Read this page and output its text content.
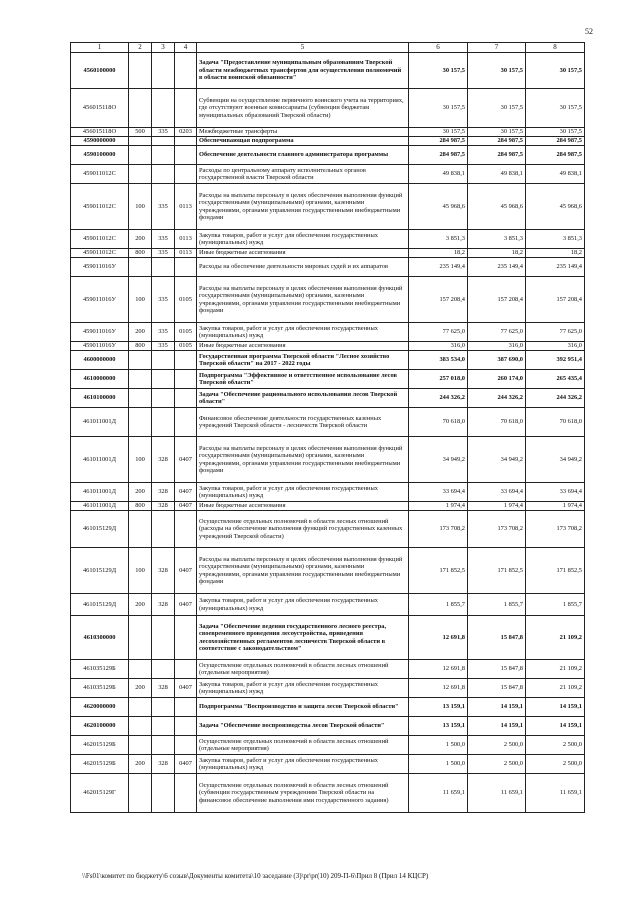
52
1	2	3	4	5	6	7	8
4560100000				Задача "Предоставление муниципальным образованиям Тверской области межбюджетных трансфертов для осуществления полномочий в области воинской обязанности"	30 157,5	30 157,5	30 157,5
456015118О				Субвенции на осуществление первичного воинского учета на территориях, где отсутствуют военные комиссариаты (субвенции бюджетам муниципальных образований Тверской области)	30 157,5	30 157,5	30 157,5
456015118О	500	335	0203	Межбюджетные трансферты	30 157,5	30 157,5	30 157,5
4590000000				Обеспечивающая подпрограмма	284 987,5	284 987,5	284 987,5
4590100000				Обеспечение деятельности главного администратора программы	284 987,5	284 987,5	284 987,5
459011012С				Расходы по центральному аппарату исполнительных органов государственной власти Тверской области	49 838,1	49 838,1	49 838,1
459011012С	100	335	0113	Расходы на выплаты персоналу в целях обеспечения выполнения функций государственными (муниципальными) органами, казенными учреждениями, органами управления государственными внебюджетными фондами	45 968,6	45 968,6	45 968,6
459011012С	200	335	0113	Закупка товаров, работ и услуг для обеспечения государственных (муниципальных) нужд	3 851,3	3 851,3	3 851,3
459011012С	800	335	0113	Иные бюджетные ассигнования	18,2	18,2	18,2
459011016У				Расходы на обеспечение деятельности мировых судей и их аппаратов	235 149,4	235 149,4	235 149,4
459011016У	100	335	0105	Расходы на выплаты персоналу в целях обеспечения выполнения функций государственными (муниципальными) органами, казенными учреждениями, органами управления государственными внебюджетными фондами	157 208,4	157 208,4	157 208,4
459011016У	200	335	0105	Закупка товаров, работ и услуг для обеспечения государственных (муниципальных) нужд	77 625,0	77 625,0	77 625,0
459011016У	800	335	0105	Иные бюджетные ассигнования	316,0	316,0	316,0
4600000000				Государственная программа Тверской области "Лесное хозяйство Тверской области" на 2017 - 2022 годы	383 534,0	387 690,0	392 951,4
4610000000				Подпрограмма "Эффективное и ответственное использование лесов Тверской области"	257 018,0	260 174,0	265 435,4
4610100000				Задача "Обеспечение рационального использования лесов Тверской области"	244 326,2	244 326,2	244 326,2
461011001Д				Финансовое обеспечение деятельности государственных казенных учреждений Тверской области - лесничеств Тверской области	70 618,0	70 618,0	70 618,0
461011001Д	100	328	0407	Расходы на выплаты персоналу в целях обеспечения выполнения функций государственными (муниципальными) органами, казенными учреждениями, органами управления государственными внебюджетными фондами	34 949,2	34 949,2	34 949,2
461011001Д	200	328	0407	Закупка товаров, работ и услуг для обеспечения государственных (муниципальных) нужд	33 694,4	33 694,4	33 694,4
461011001Д	800	328	0407	Иные бюджетные ассигнования	1 974,4	1 974,4	1 974,4
461015129Д				Осуществление отдельных полномочий в области лесных отношений (расходы на обеспечение выполнения функций государственных казенных учреждений Тверской области)	173 708,2	173 708,2	173 708,2
461015129Д	100	328	0407	Расходы на выплаты персоналу в целях обеспечения выполнения функций государственными (муниципальными) органами, казенными учреждениями, органами управления государственными внебюджетными фондами	171 852,5	171 852,5	171 852,5
461015129Д	200	328	0407	Закупка товаров, работ и услуг для обеспечения государственных (муниципальных) нужд	1 855,7	1 855,7	1 855,7
4610300000				Задача "Обеспечение ведения государственного лесного реестра, своевременного проведения лесоустройства, приведения лесохозяйственных регламентов лесничеств Тверской области в соответствие с законодательством"	12 691,8	15 847,8	21 109,2
461035129Б				Осуществление отдельных полномочий в области лесных отношений (отдельные мероприятия)	12 691,8	15 847,8	21 109,2
461035129Б	200	328	0407	Закупка товаров, работ и услуг для обеспечения государственных (муниципальных) нужд	12 691,8	15 847,8	21 109,2
4620000000				Подпрограмма "Воспроизводство и защита лесов Тверской области"	13 159,1	14 159,1	14 159,1
4620100000				Задача "Обеспечение воспроизводства лесов Тверской области"	13 159,1	14 159,1	14 159,1
462015129Б				Осуществление отдельных полномочий в области лесных отношений (отдельные мероприятия)	1 500,0	2 500,0	2 500,0
462015129Б	200	328	0407	Закупка товаров, работ и услуг для обеспечения государственных (муниципальных) нужд	1 500,0	2 500,0	2 500,0
462015129Г				Осуществление отдельных полномочий в области лесных отношений (субвенции государственным учреждениям Тверской области на финансовое обеспечение выполнения ими государственного задания)	11 659,1	11 659,1	11 659,1
\\Fs01\комитет по бюджету\6 созыв\Документы комитета\10 заседание (3)\pr\pr(10) 209-П-6\Прил 8 (Прил 14 КЦСР)
